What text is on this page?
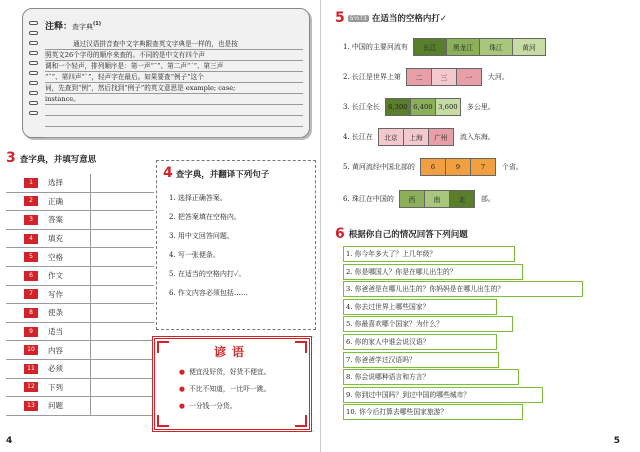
注释：查字典$^{(1)}$
通过汉语拼音查中文字典跟查英文字典是一样的，也是按
照英文26个字母的顺序来查的。不同的是中文有四个声
调和一个轻声，排列顺序是：第一声“ˉ”、第二声“ˊ”、第三声
“ˇ”、第四声“ˋ”，轻声字在最后。如果要查“例子”这个
词，先查到“例”，然后找到“例子”的英文意思是 example; case;
instance。
3 查字典，并填写意思
1	选择
2	正确
3	答案
4	填充
5	空格
6	作文
7	写作
8	使条
9	适当
10	内容
11	必须
12	下列
13	问题
4 查字典，并翻译下列句子
1. 选择正确答案。
2. 把答案填在空格内。
3. 用中文回答问题。
4. 写一张便条。
5. 在适当的空格内打✓。
6. 作文内容必须包括……
谚语
● 便宜没好货，好货不便宜。
● 不比不知道，一比吓一跳。
● 一分钱一分货。
4
5 5½T3 在适当的空格内打✓
1. 中国的主要河流有 长江 黑龙江 珠江	黄河
2. 长江是世界上第 二	三	一 大河。
3. 长江全长 6,300 6,400 3,600 多公里。
4. 长江在 北京 上海 广州 流入东海。
5. 黄河流经中国北部的 6	9	7 个省。
6. 珠江在中国的 西	南	北 部。
6 根据你自己的情况回答下列问题
1. 你今年多大了？上几年级？
2. 你是哪国人？你是在哪儿出生的？
3. 你爸爸是在哪儿出生的？你妈妈是在哪儿出生的？
4. 你去过世界上哪些国家？
5. 你最喜欢哪个国家？为什么？
6. 你的家人中谁会说汉语？
7. 你爸爸学过汉语吗？
8. 你会说哪种语言和方言？
9. 你到过中国吗？到过中国的哪些城市？
10. 你今后打算去哪些国家旅游？
5
